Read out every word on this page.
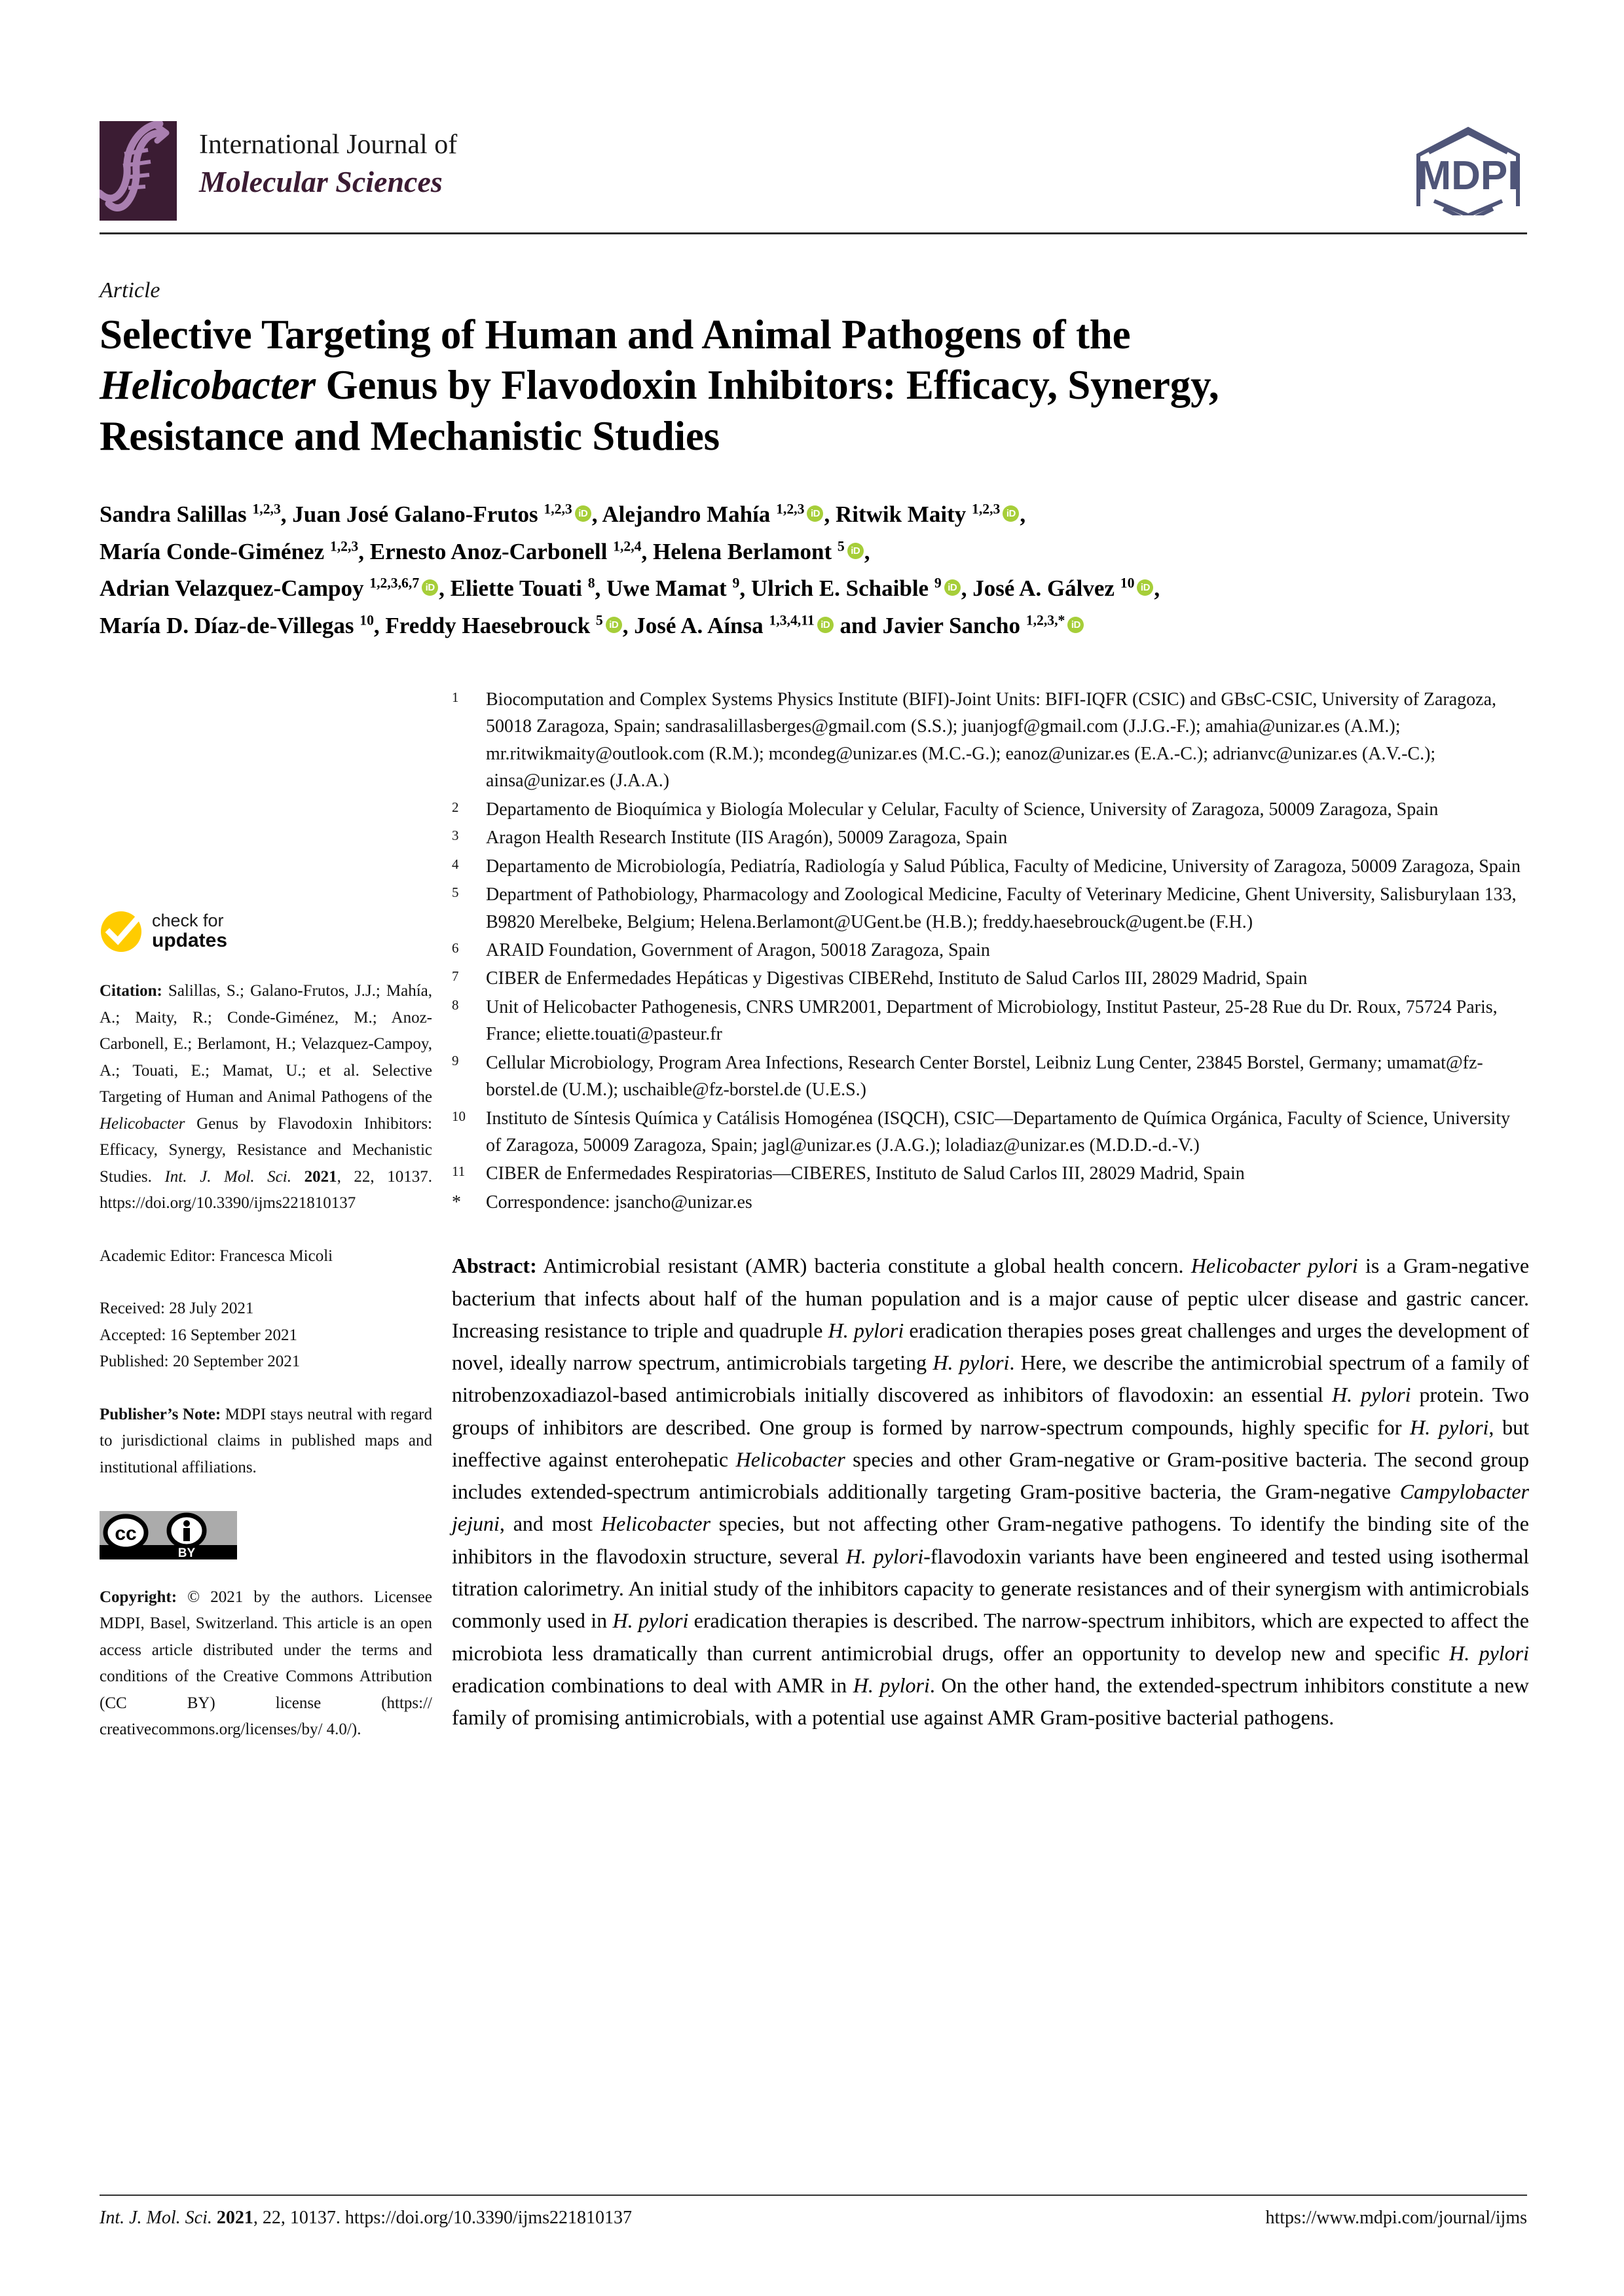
International Journal of
Molecular Sciences	MDPI
Article
Selective Targeting of Human and Animal Pathogens of the
Helicobacter Genus by Flavodoxin Inhibitors: Efficacy, Synergy,
Resistance and Mechanistic Studies
Sandra Salillas $^{1,2,3}$, Juan José Galano-Frutos $^{1,2,3}$ iD , Alejandro Mahía $^{1,2,3}$ iD , Ritwik Maity $^{1,2,3}$ iD ,
María Conde-Giménez $^{1,2,3}$, Ernesto Anoz-Carbonell $^{1,2,4}$, Helena Berlamont $^5$ iD ,
Adrian Velazquez-Campoy $^{1,2,3,6,7}$ iD , Eliette Touati $^8$, Uwe Mamat $^9$, Ulrich E. Schaible $^9$ iD , José A. Gálvez $^{10}$ iD ,
María D. Díaz-de-Villegas $^{10}$, Freddy Haesebrouck $^5$ iD , José A. Aínsa $^{1,3,4,11}$ iD and Javier Sancho $^{1,2,3,*}$ iD
check for
updates
Citation: Salillas, S.; Galano-Frutos, J.J.; Mahía, A.; Maity, R.; Conde-Giménez, M.; Anoz-Carbonell, E.; Berlamont, H.; Velazquez-Campoy, A.; Touati, E.; Mamat, U.; et al. Selective Targeting of Human and Animal Pathogens of the Helicobacter Genus by Flavodoxin Inhibitors: Efficacy, Synergy, Resistance and Mechanistic Studies. Int. J. Mol. Sci. 2021, 22, 10137. https://doi.org/10.3390/ijms221810137
Academic Editor: Francesca Micoli
Received: 28 July 2021
Accepted: 16 September 2021
Published: 20 September 2021
Publisher’s Note: MDPI stays neutral with regard to jurisdictional claims in published maps and institutional affiliations.
cc
BY
Copyright: © 2021 by the authors. Licensee MDPI, Basel, Switzerland. This article is an open access article distributed under the terms and conditions of the Creative Commons Attribution (CC BY) license (https:// creativecommons.org/licenses/by/ 4.0/).
1	Biocomputation and Complex Systems Physics Institute (BIFI)-Joint Units: BIFI-IQFR (CSIC) and GBsC-CSIC, University of Zaragoza, 50018 Zaragoza, Spain; sandrasalillasberges@gmail.com (S.S.); juanjogf@gmail.com (J.J.G.-F.); amahia@unizar.es (A.M.); mr.ritwikmaity@outlook.com (R.M.); mcondeg@unizar.es (M.C.-G.); eanoz@unizar.es (E.A.-C.); adrianvc@unizar.es (A.V.-C.); ainsa@unizar.es (J.A.A.)
2	Departamento de Bioquímica y Biología Molecular y Celular, Faculty of Science, University of Zaragoza, 50009 Zaragoza, Spain
3	Aragon Health Research Institute (IIS Aragón), 50009 Zaragoza, Spain
4	Departamento de Microbiología, Pediatría, Radiología y Salud Pública, Faculty of Medicine, University of Zaragoza, 50009 Zaragoza, Spain
5	Department of Pathobiology, Pharmacology and Zoological Medicine, Faculty of Veterinary Medicine, Ghent University, Salisburylaan 133, B9820 Merelbeke, Belgium; Helena.Berlamont@UGent.be (H.B.); freddy.haesebrouck@ugent.be (F.H.)
6	ARAID Foundation, Government of Aragon, 50018 Zaragoza, Spain
7	CIBER de Enfermedades Hepáticas y Digestivas CIBERehd, Instituto de Salud Carlos III, 28029 Madrid, Spain
8	Unit of Helicobacter Pathogenesis, CNRS UMR2001, Department of Microbiology, Institut Pasteur, 25-28 Rue du Dr. Roux, 75724 Paris, France; eliette.touati@pasteur.fr
9	Cellular Microbiology, Program Area Infections, Research Center Borstel, Leibniz Lung Center, 23845 Borstel, Germany; umamat@fz-borstel.de (U.M.); uschaible@fz-borstel.de (U.E.S.)
10	Instituto de Síntesis Química y Catálisis Homogénea (ISQCH), CSIC—Departamento de Química Orgánica, Faculty of Science, University of Zaragoza, 50009 Zaragoza, Spain; jagl@unizar.es (J.A.G.); loladiaz@unizar.es (M.D.D.-d.-V.)
11	CIBER de Enfermedades Respiratorias—CIBERES, Instituto de Salud Carlos III, 28029 Madrid, Spain
*	Correspondence: jsancho@unizar.es
Abstract: Antimicrobial resistant (AMR) bacteria constitute a global health concern. Helicobacter pylori is a Gram-negative bacterium that infects about half of the human population and is a major cause of peptic ulcer disease and gastric cancer. Increasing resistance to triple and quadruple H. pylori eradication therapies poses great challenges and urges the development of novel, ideally narrow spectrum, antimicrobials targeting H. pylori. Here, we describe the antimicrobial spectrum of a family of nitrobenzoxadiazol-based antimicrobials initially discovered as inhibitors of flavodoxin: an essential H. pylori protein. Two groups of inhibitors are described. One group is formed by narrow-spectrum compounds, highly specific for H. pylori, but ineffective against enterohepatic Helicobacter species and other Gram-negative or Gram-positive bacteria. The second group includes extended-spectrum antimicrobials additionally targeting Gram-positive bacteria, the Gram-negative Campylobacter jejuni, and most Helicobacter species, but not affecting other Gram-negative pathogens. To identify the binding site of the inhibitors in the flavodoxin structure, several H. pylori-flavodoxin variants have been engineered and tested using isothermal titration calorimetry. An initial study of the inhibitors capacity to generate resistances and of their synergism with antimicrobials commonly used in H. pylori eradication therapies is described. The narrow-spectrum inhibitors, which are expected to affect the microbiota less dramatically than current antimicrobial drugs, offer an opportunity to develop new and specific H. pylori eradication combinations to deal with AMR in H. pylori. On the other hand, the extended-spectrum inhibitors constitute a new family of promising antimicrobials, with a potential use against AMR Gram-positive bacterial pathogens.
Int. J. Mol. Sci. 2021, 22, 10137. https://doi.org/10.3390/ijms221810137	https://www.mdpi.com/journal/ijms
